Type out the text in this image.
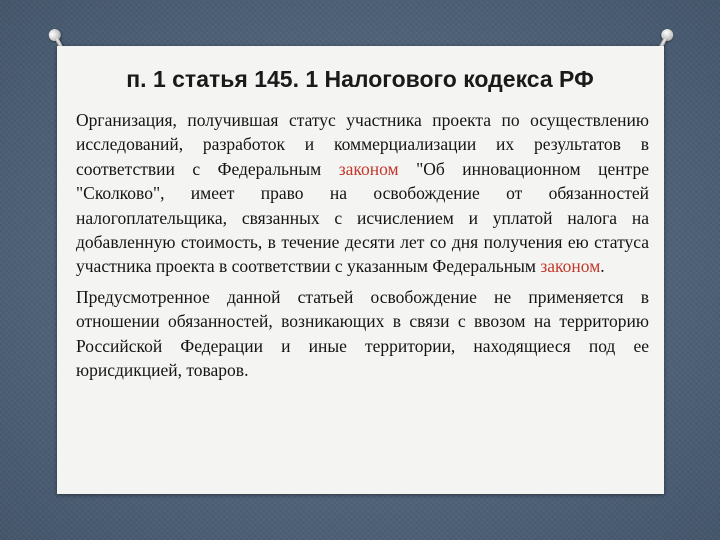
п. 1 статья 145. 1 Налогового кодекса РФ

Организация, получившая статус участника проекта по осуществлению исследований, разработок и коммерциализации их результатов в соответствии с Федеральным законом "Об инновационном центре "Сколково", имеет право на освобождение от обязанностей налогоплательщика, связанных с исчислением и уплатой налога на добавленную стоимость, в течение десяти лет со дня получения ею статуса участника проекта в соответствии с указанным Федеральным законом.

Предусмотренное данной статьей освобождение не применяется в отношении обязанностей, возникающих в связи с ввозом на территорию Российской Федерации и иные территории, находящиеся под ее юрисдикцией, товаров.
